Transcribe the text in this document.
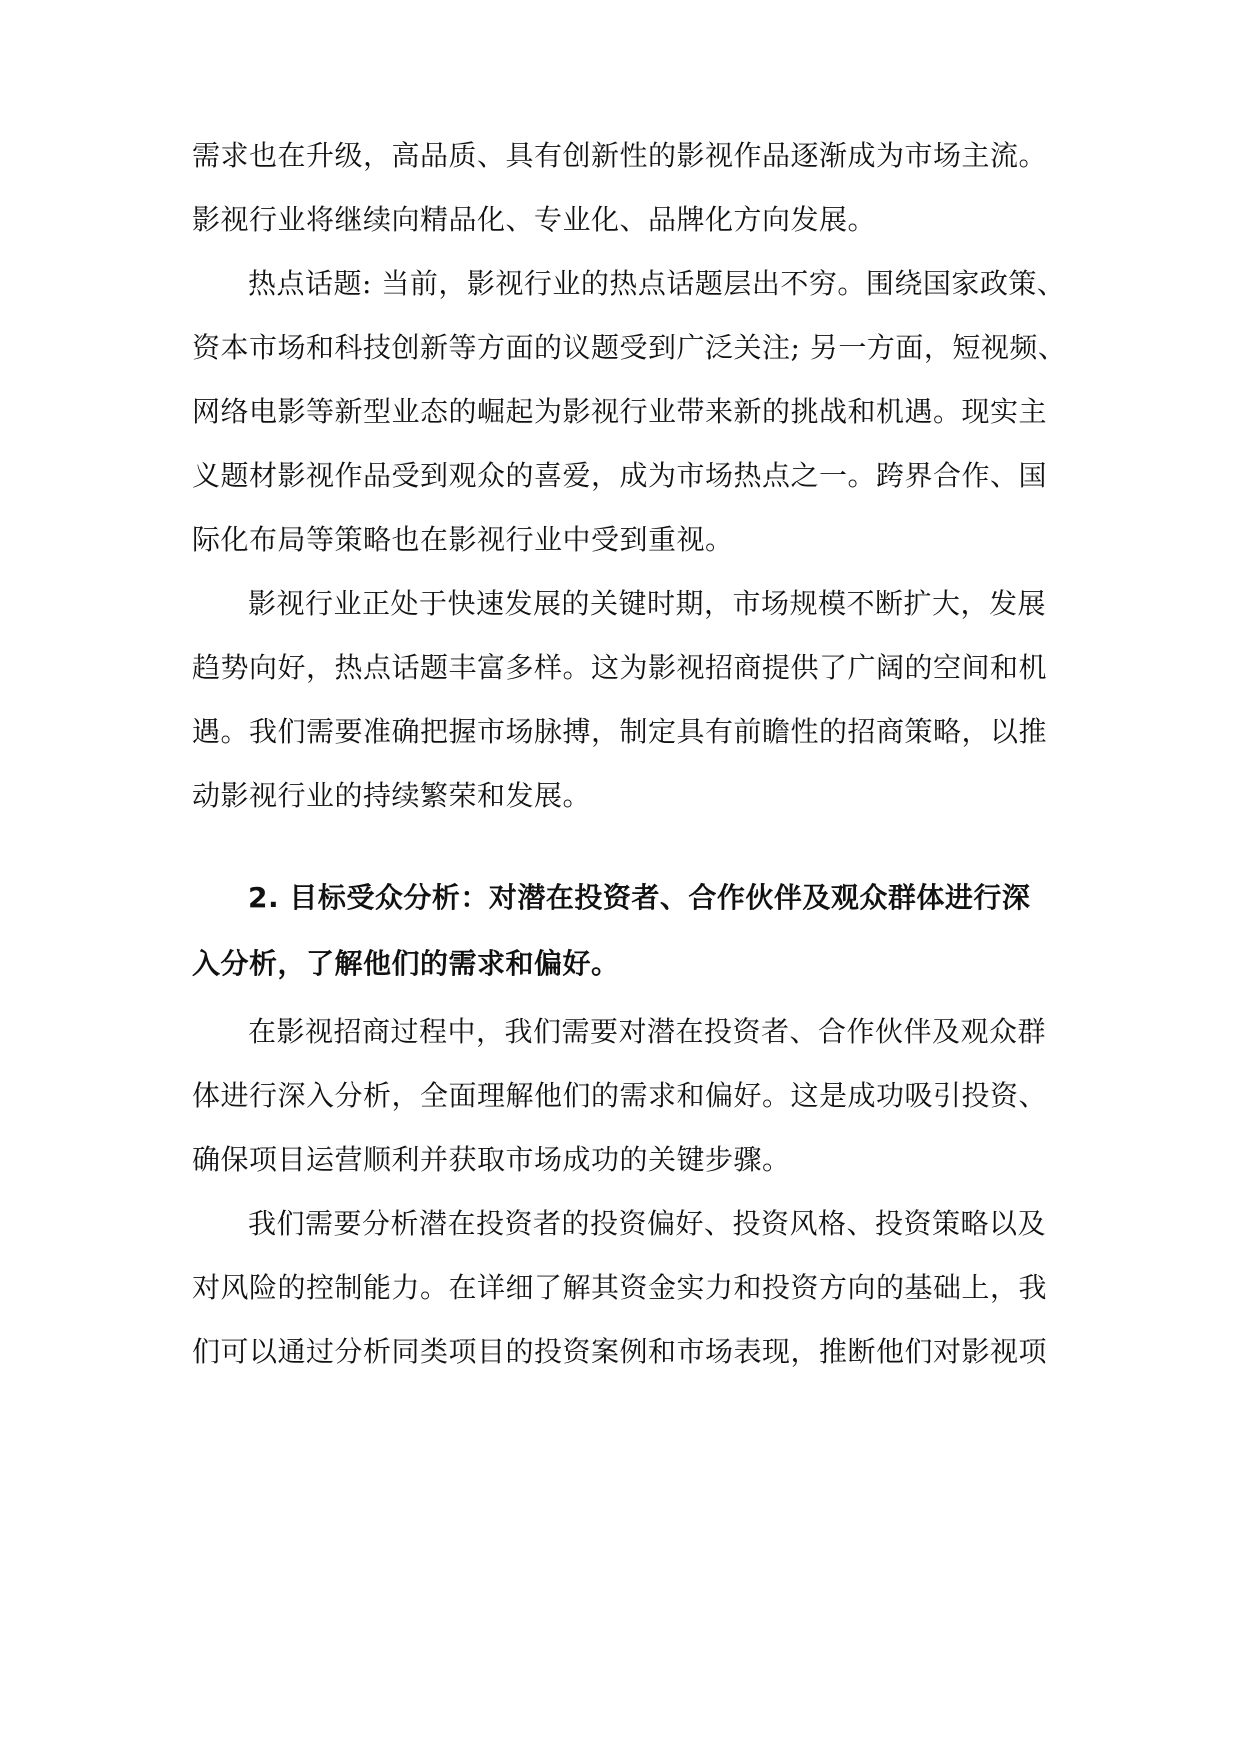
需求也在升级，高品质、具有创新性的影视作品逐渐成为市场主流。
影视行业将继续向精品化、专业化、品牌化方向发展。
热点话题: 当前，影视行业的热点话题层出不穷。围绕国家政策、
资本市场和科技创新等方面的议题受到广泛关注; 另一方面，短视频、
网络电影等新型业态的崛起为影视行业带来新的挑战和机遇。现实主
义题材影视作品受到观众的喜爱，成为市场热点之一。跨界合作、国
际化布局等策略也在影视行业中受到重视。
影视行业正处于快速发展的关键时期，市场规模不断扩大，发展
趋势向好，热点话题丰富多样。这为影视招商提供了广阔的空间和机
遇。我们需要准确把握市场脉搏，制定具有前瞻性的招商策略，以推
动影视行业的持续繁荣和发展。
2. 目标受众分析：对潜在投资者、合作伙伴及观众群体进行深
入分析，了解他们的需求和偏好。
在影视招商过程中，我们需要对潜在投资者、合作伙伴及观众群
体进行深入分析，全面理解他们的需求和偏好。这是成功吸引投资、
确保项目运营顺利并获取市场成功的关键步骤。
我们需要分析潜在投资者的投资偏好、投资风格、投资策略以及
对风险的控制能力。在详细了解其资金实力和投资方向的基础上，我
们可以通过分析同类项目的投资案例和市场表现，推断他们对影视项
